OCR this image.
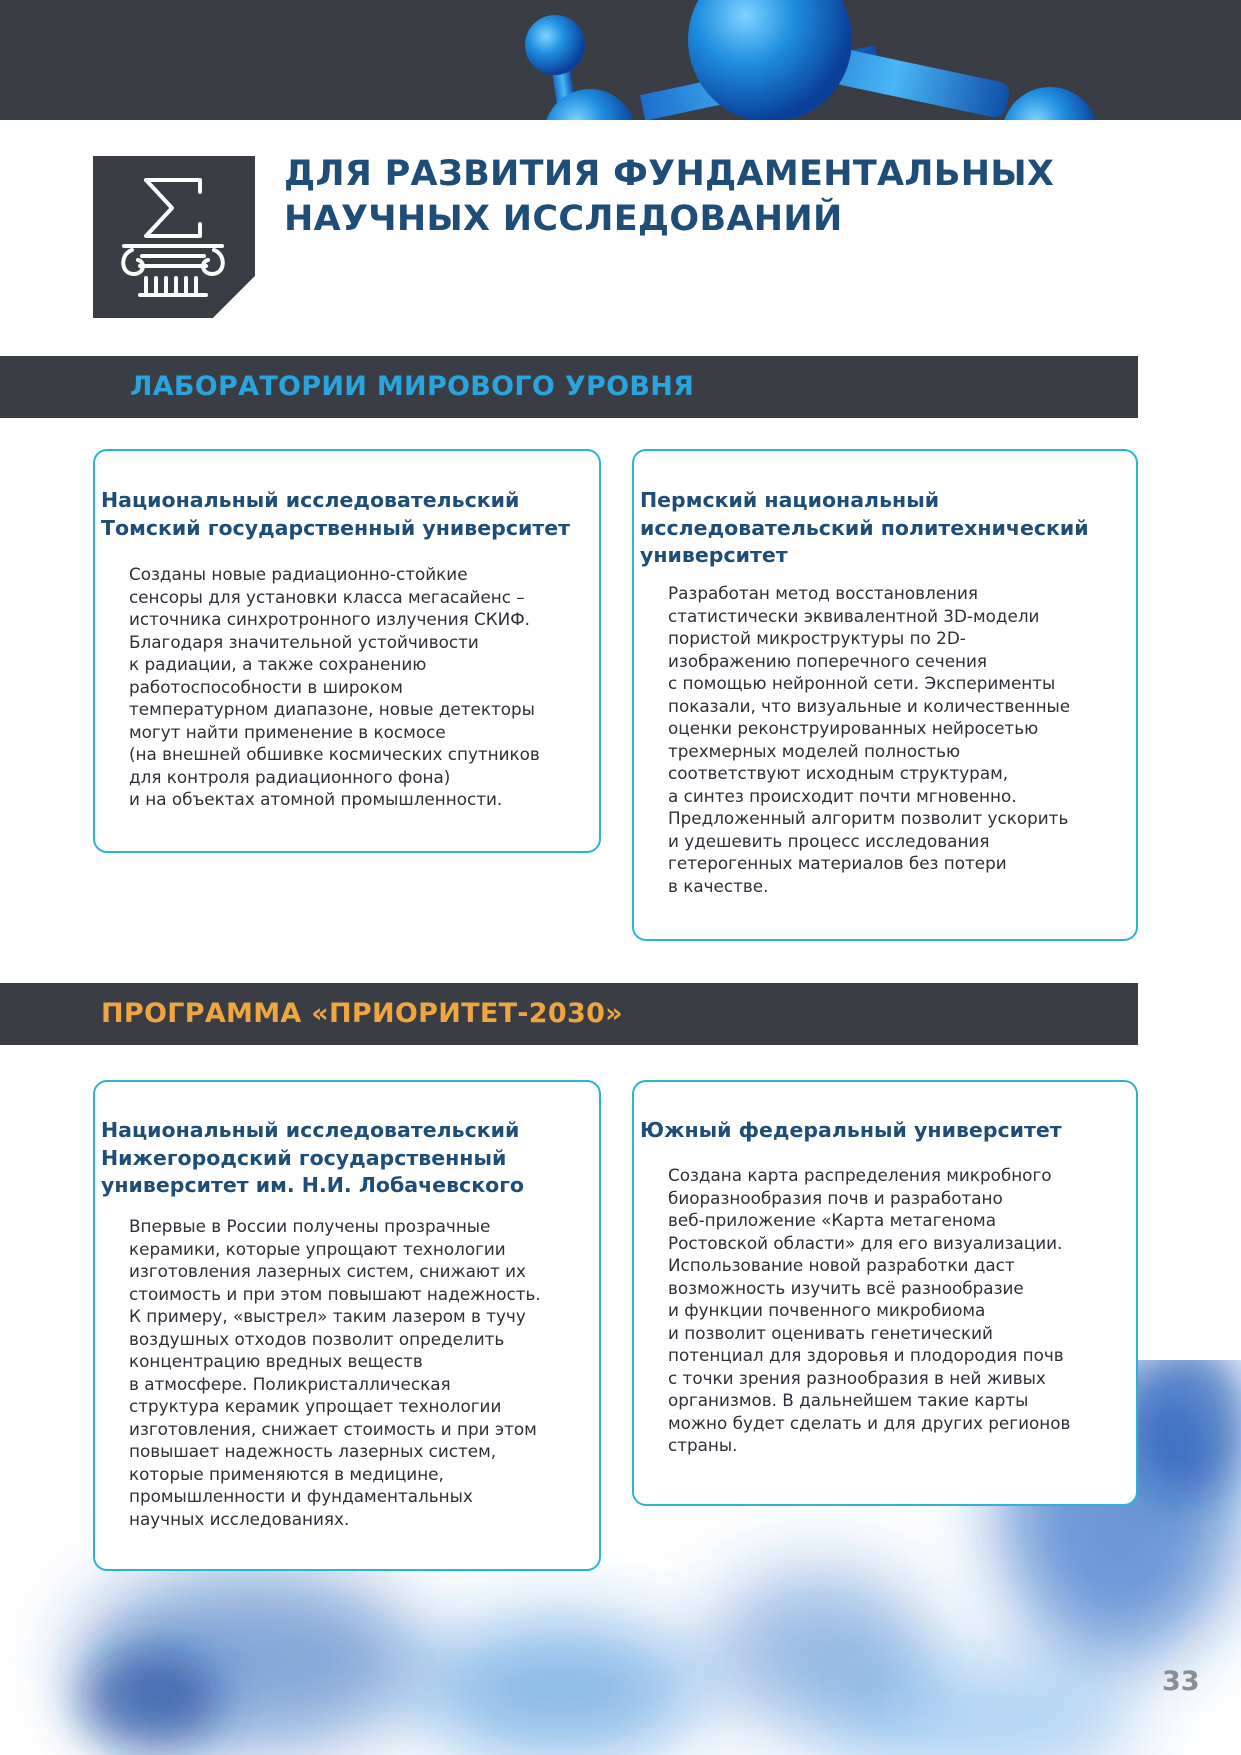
ДЛЯ РАЗВИТИЯ ФУНДАМЕНТАЛЬНЫХ
НАУЧНЫХ ИССЛЕДОВАНИЙ
ЛАБОРАТОРИИ МИРОВОГО УРОВНЯ
Национальный исследовательский
Томский государственный университет
Созданы новые радиационно-стойкие
сенсоры для установки класса мегасайенс –
источника синхротронного излучения СКИФ.
Благодаря значительной устойчивости
к радиации, а также сохранению
работоспособности в широком
температурном диапазоне, новые детекторы
могут найти применение в космосе
(на внешней обшивке космических спутников
для контроля радиационного фона)
и на объектах атомной промышленности.
Пермский национальный
исследовательский политехнический
университет
Разработан метод восстановления
статистически эквивалентной 3D-модели
пористой микроструктуры по 2D-
изображению поперечного сечения
с помощью нейронной сети. Эксперименты
показали, что визуальные и количественные
оценки реконструированных нейросетью
трехмерных моделей полностью
соответствуют исходным структурам,
а синтез происходит почти мгновенно.
Предложенный алгоритм позволит ускорить
и удешевить процесс исследования
гетерогенных материалов без потери
в качестве.
ПРОГРАММА «ПРИОРИТЕТ-2030»
Национальный исследовательский
Нижегородский государственный
университет им. Н.И. Лобачевского
Впервые в России получены прозрачные
керамики, которые упрощают технологии
изготовления лазерных систем, снижают их
стоимость и при этом повышают надежность.
К примеру, «выстрел» таким лазером в тучу
воздушных отходов позволит определить
концентрацию вредных веществ
в атмосфере. Поликристаллическая
структура керамик упрощает технологии
изготовления, снижает стоимость и при этом
повышает надежность лазерных систем,
которые применяются в медицине,
промышленности и фундаментальных
научных исследованиях.
Южный федеральный университет
Создана карта распределения микробного
биоразнообразия почв и разработано
веб-приложение «Карта метагенома
Ростовской области» для его визуализации.
Использование новой разработки даст
возможность изучить всё разнообразие
и функции почвенного микробиома
и позволит оценивать генетический
потенциал для здоровья и плодородия почв
с точки зрения разнообразия в ней живых
организмов. В дальнейшем такие карты
можно будет сделать и для других регионов
страны.
33
